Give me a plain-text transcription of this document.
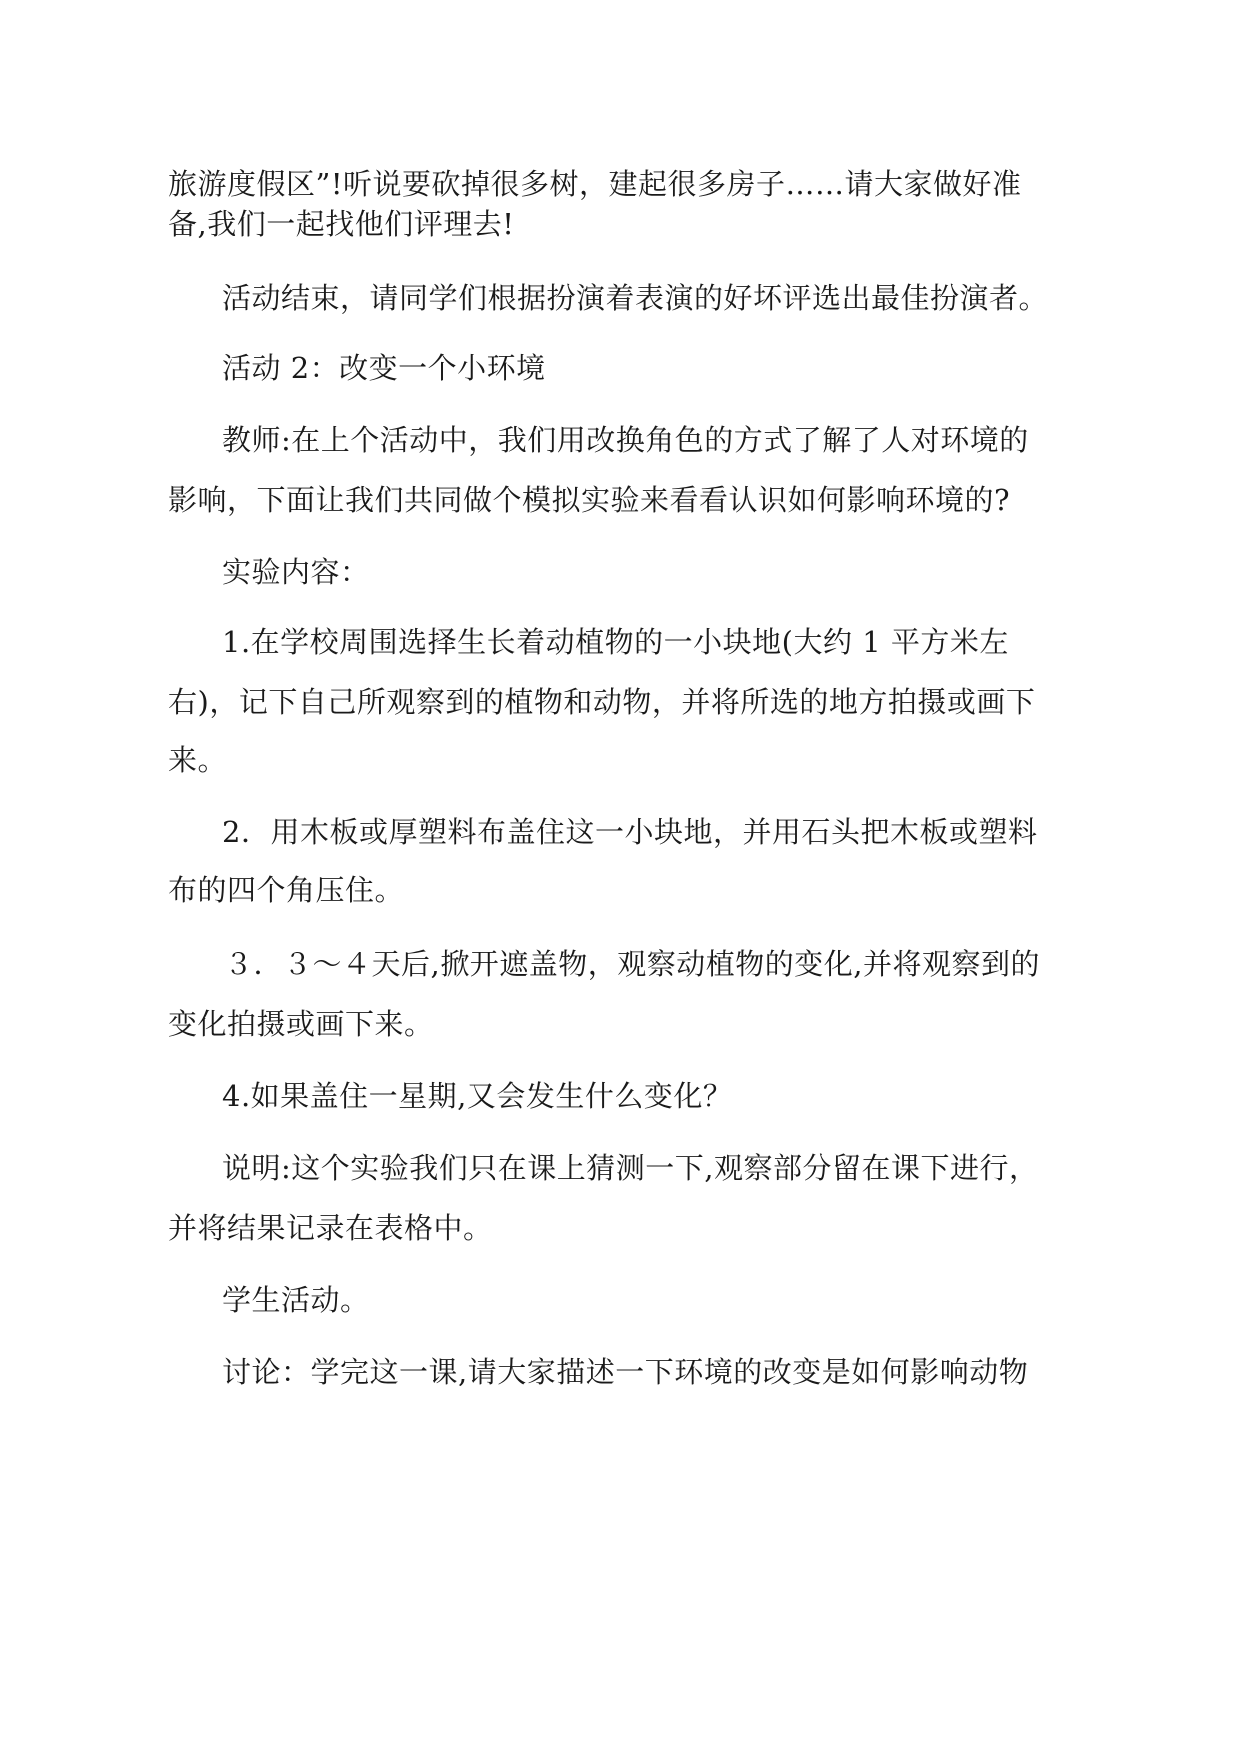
旅游度假区”!听说要砍掉很多树，建起很多房子……请大家做好准
备,我们一起找他们评理去!
活动结束，请同学们根据扮演着表演的好坏评选出最佳扮演者。
活动 2：改变一个小环境
教师:在上个活动中，我们用改换角色的方式了解了人对环境的
影响，下面让我们共同做个模拟实验来看看认识如何影响环境的?
实验内容：
1.在学校周围选择生长着动植物的一小块地(大约 1 平方米左
右)，记下自己所观察到的植物和动物，并将所选的地方拍摄或画下
来。
2．用木板或厚塑料布盖住这一小块地，并用石头把木板或塑料
布的四个角压住。
３．３～４天后,掀开遮盖物，观察动植物的变化,并将观察到的
变化拍摄或画下来。
4.如果盖住一星期,又会发生什么变化？
说明:这个实验我们只在课上猜测一下,观察部分留在课下进行，
并将结果记录在表格中。
学生活动。
讨论：学完这一课,请大家描述一下环境的改变是如何影响动物
